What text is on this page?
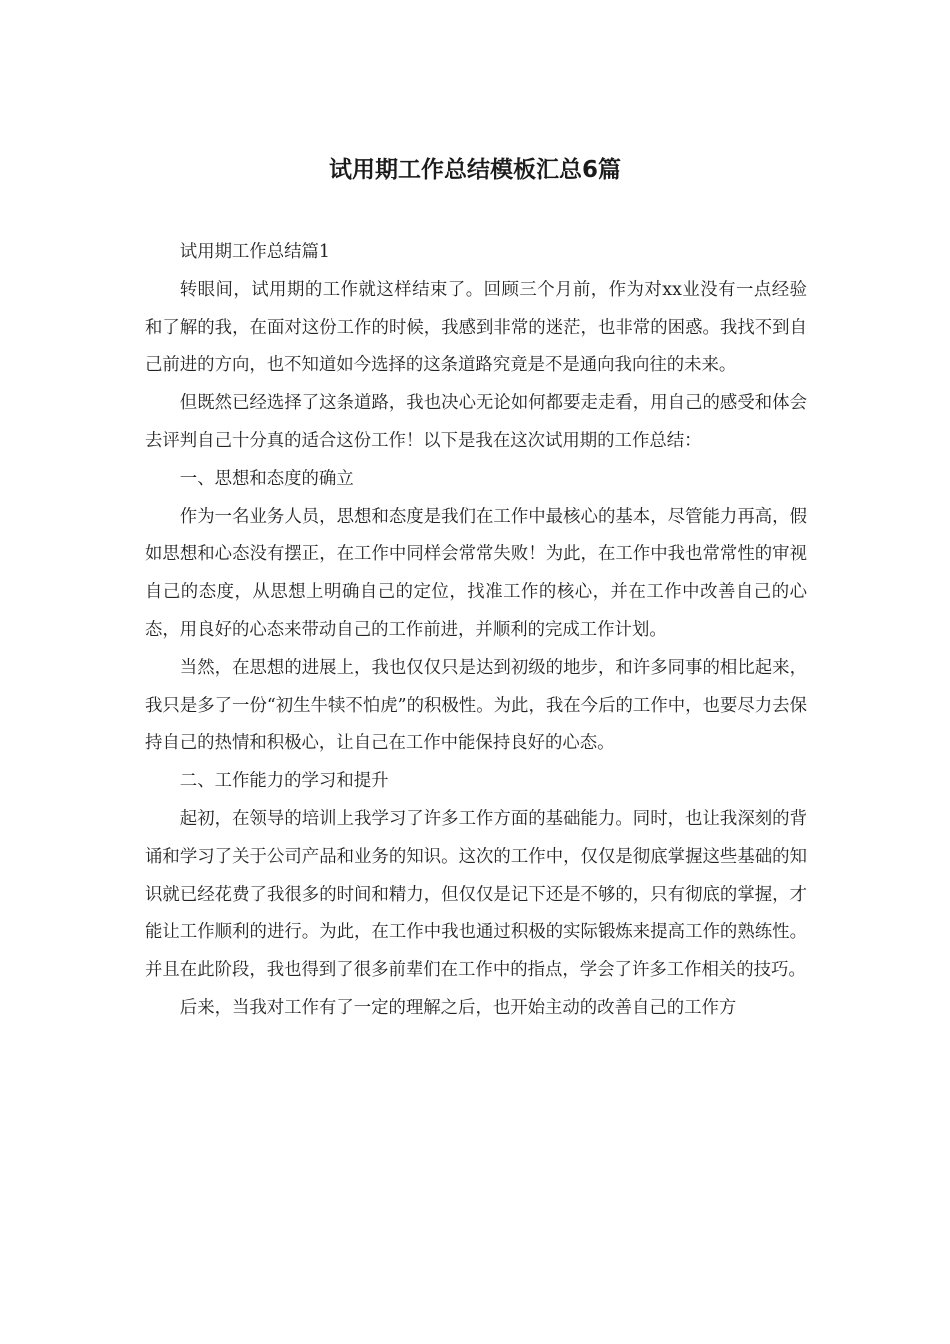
试用期工作总结模板汇总6篇

试用期工作总结篇1

转眼间，试用期的工作就这样结束了。回顾三个月前，作为对xx业没有一点经验和了解的我，在面对这份工作的时候，我感到非常的迷茫，也非常的困惑。我找不到自己前进的方向，也不知道如今选择的这条道路究竟是不是通向我向往的未来。

但既然已经选择了这条道路，我也决心无论如何都要走走看，用自己的感受和体会去评判自己十分真的适合这份工作！以下是我在这次试用期的工作总结：

一、思想和态度的确立

作为一名业务人员，思想和态度是我们在工作中最核心的基本，尽管能力再高，假如思想和心态没有摆正，在工作中同样会常常失败！为此，在工作中我也常常性的审视自己的态度，从思想上明确自己的定位，找准工作的核心，并在工作中改善自己的心态，用良好的心态来带动自己的工作前进，并顺利的完成工作计划。

当然，在思想的进展上，我也仅仅只是达到初级的地步，和许多同事的相比起来，我只是多了一份“初生牛犊不怕虎”的积极性。为此，我在今后的工作中，也要尽力去保持自己的热情和积极心，让自己在工作中能保持良好的心态。

二、工作能力的学习和提升

起初，在领导的培训上我学习了许多工作方面的基础能力。同时，也让我深刻的背诵和学习了关于公司产品和业务的知识。这次的工作中，仅仅是彻底掌握这些基础的知识就已经花费了我很多的时间和精力，但仅仅是记下还是不够的，只有彻底的掌握，才能让工作顺利的进行。为此，在工作中我也通过积极的实际锻炼来提高工作的熟练性。并且在此阶段，我也得到了很多前辈们在工作中的指点，学会了许多工作相关的技巧。

后来，当我对工作有了一定的理解之后，也开始主动的改善自己的工作方
